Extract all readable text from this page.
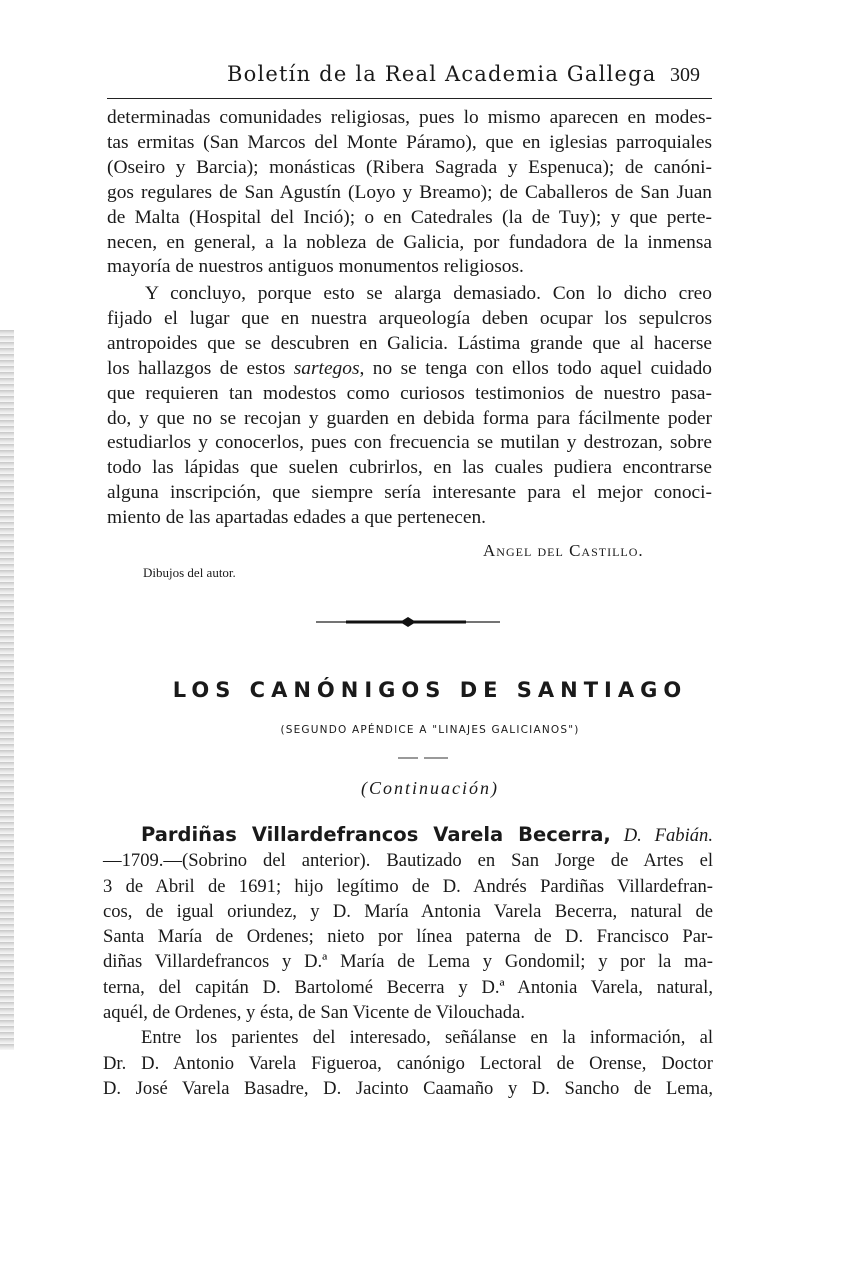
Boletín de la Real Academia Gallega 309

determinadas comunidades religiosas, pues lo mismo aparecen en modes-
tas ermitas (San Marcos del Monte Páramo), que en iglesias parroquiales
(Oseiro y Barcia); monásticas (Ribera Sagrada y Espenuca); de canóni-
gos regulares de San Agustín (Loyo y Breamo); de Caballeros de San Juan
de Malta (Hospital del Inció); o en Catedrales (la de Tuy); y que perte-
necen, en general, a la nobleza de Galicia, por fundadora de la inmensa
mayoría de nuestros antiguos monumentos religiosos.

Y concluyo, porque esto se alarga demasiado. Con lo dicho creo
fijado el lugar que en nuestra arqueología deben ocupar los sepulcros
antropoides que se descubren en Galicia. Lástima grande que al hacerse
los hallazgos de estos sartegos, no se tenga con ellos todo aquel cuidado
que requieren tan modestos como curiosos testimonios de nuestro pasa-
do, y que no se recojan y guarden en debida forma para fácilmente poder
estudiarlos y conocerlos, pues con frecuencia se mutilan y destrozan, sobre
todo las lápidas que suelen cubrirlos, en las cuales pudiera encontrarse
alguna inscripción, que siempre sería interesante para el mejor conoci-
miento de las apartadas edades a que pertenecen.

Angel del Castillo.
Dibujos del autor.
LOS CANÓNIGOS DE SANTIAGO
(SEGUNDO APÉNDICE A "LINAJES GALICIANOS")
(Continuación)

Pardiñas Villardefrancos Varela Becerra, D. Fabián.
—1709.—(Sobrino del anterior). Bautizado en San Jorge de Artes el
3 de Abril de 1691; hijo legítimo de D. Andrés Pardiñas Villardefran-
cos, de igual oriundez, y D. María Antonia Varela Becerra, natural de
Santa María de Ordenes; nieto por línea paterna de D. Francisco Par-
diñas Villardefrancos y D.ª María de Lema y Gondomil; y por la ma-
terna, del capitán D. Bartolomé Becerra y D.ª Antonia Varela, natural,
aquél, de Ordenes, y ésta, de San Vicente de Vilouchada.

Entre los parientes del interesado, señálanse en la información, al
Dr. D. Antonio Varela Figueroa, canónigo Lectoral de Orense, Doctor
D. José Varela Basadre, D. Jacinto Caamaño y D. Sancho de Lema,
